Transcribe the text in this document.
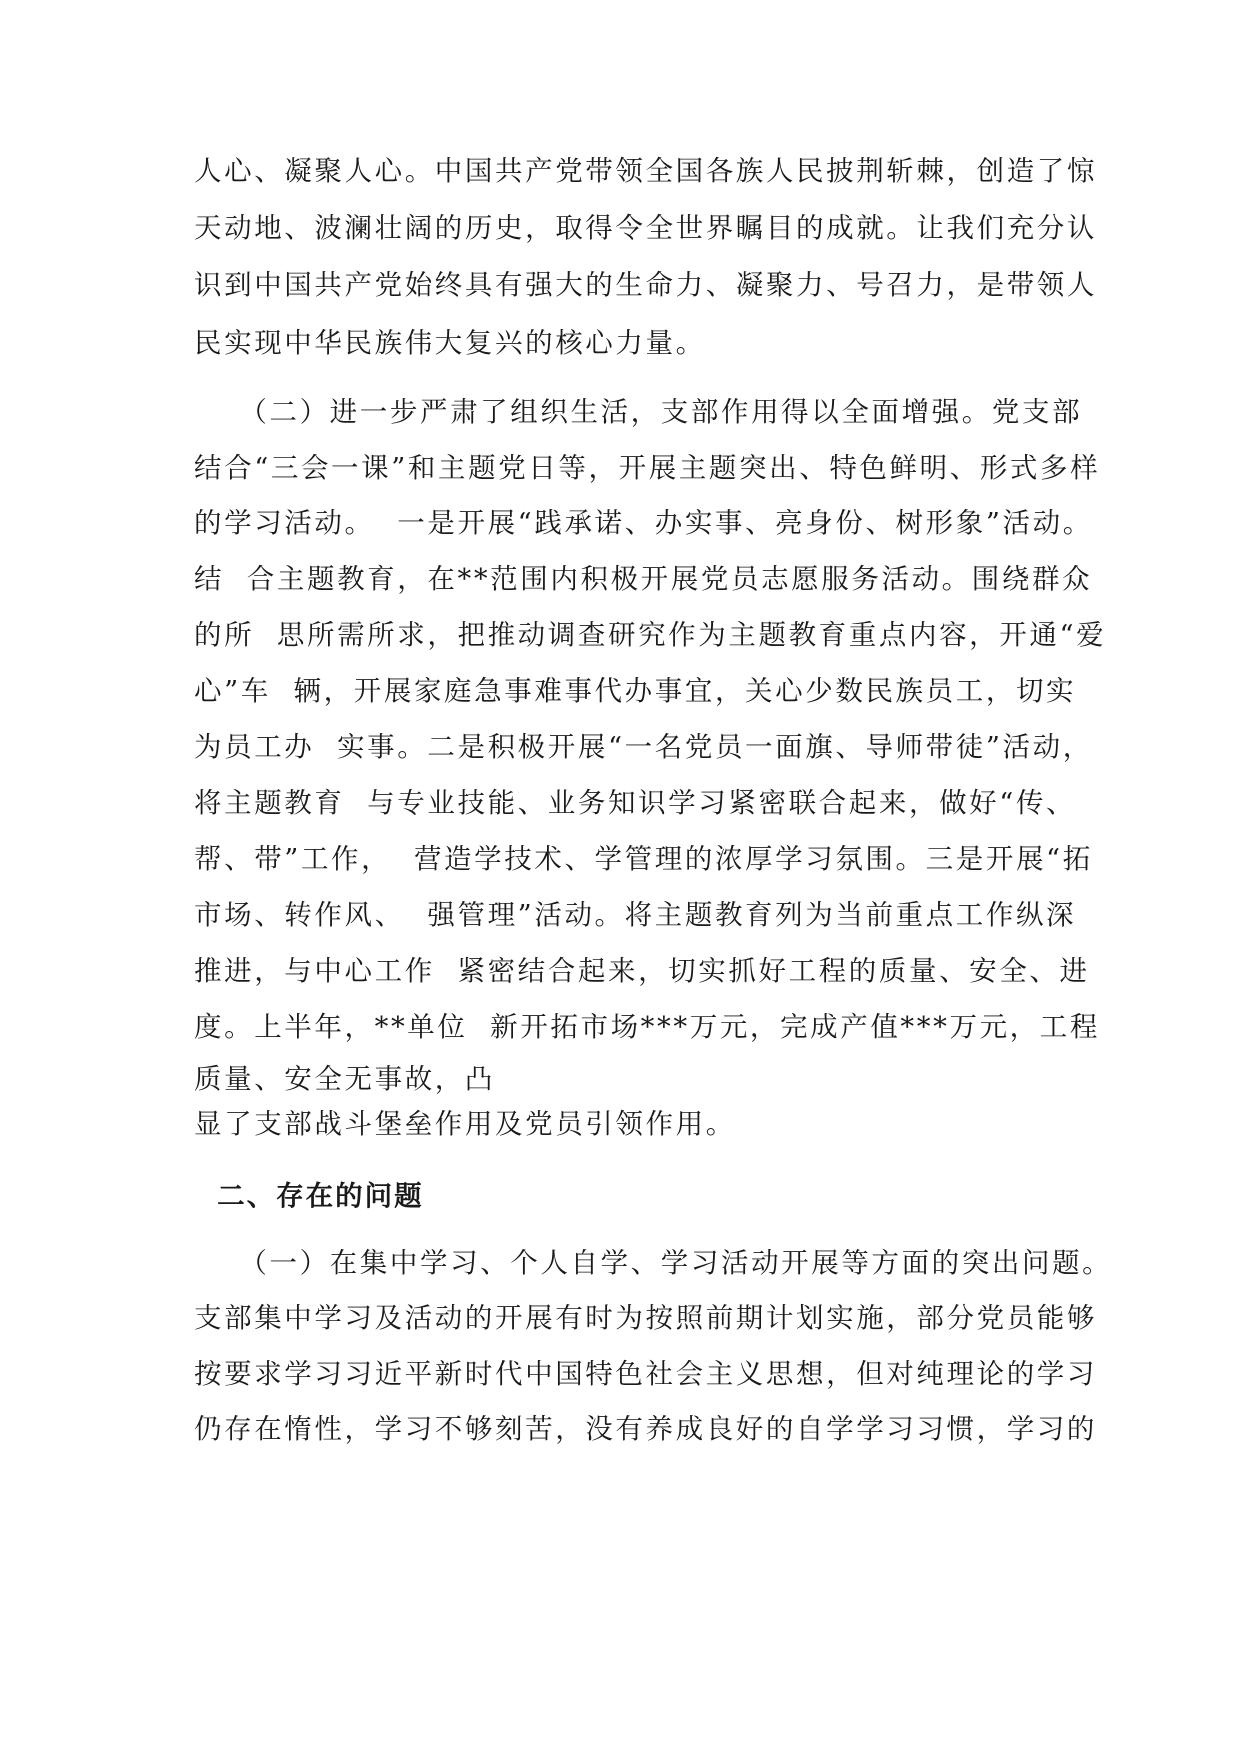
人心、凝聚人心。中国共产党带领全国各族人民披荆斩棘，创造了惊
天动地、波澜壮阔的历史，取得令全世界瞩目的成就。让我们充分认
识到中国共产党始终具有强大的生命力、凝聚力、号召力，是带领人
民实现中华民族伟大复兴的核心力量。
（二）进一步严肃了组织生活，支部作用得以全面增强。党支部
结合“三会一课”和主题党日等，开展主题突出、特色鲜明、形式多样
的学习活动。  一是开展“践承诺、办实事、亮身份、树形象”活动。
结  合主题教育，在**范围内积极开展党员志愿服务活动。围绕群众
的所  思所需所求，把推动调查研究作为主题教育重点内容，开通“爱
心”车  辆，开展家庭急事难事代办事宜，关心少数民族员工，切实
为员工办  实事。二是积极开展“一名党员一面旗、导师带徒”活动，
将主题教育  与专业技能、业务知识学习紧密联合起来，做好“传、
帮、带”工作，  营造学技术、学管理的浓厚学习氛围。三是开展“拓
市场、转作风、  强管理”活动。将主题教育列为当前重点工作纵深
推进，与中心工作  紧密结合起来，切实抓好工程的质量、安全、进
度。上半年，**单位  新开拓市场***万元，完成产值***万元，工程
质量、安全无事故，凸
显了支部战斗堡垒作用及党员引领作用。
二、存在的问题
（一）在集中学习、个人自学、学习活动开展等方面的突出问题。
支部集中学习及活动的开展有时为按照前期计划实施，部分党员能够
按要求学习习近平新时代中国特色社会主义思想，但对纯理论的学习
仍存在惰性，学习不够刻苦，没有养成良好的自学学习习惯，学习的
